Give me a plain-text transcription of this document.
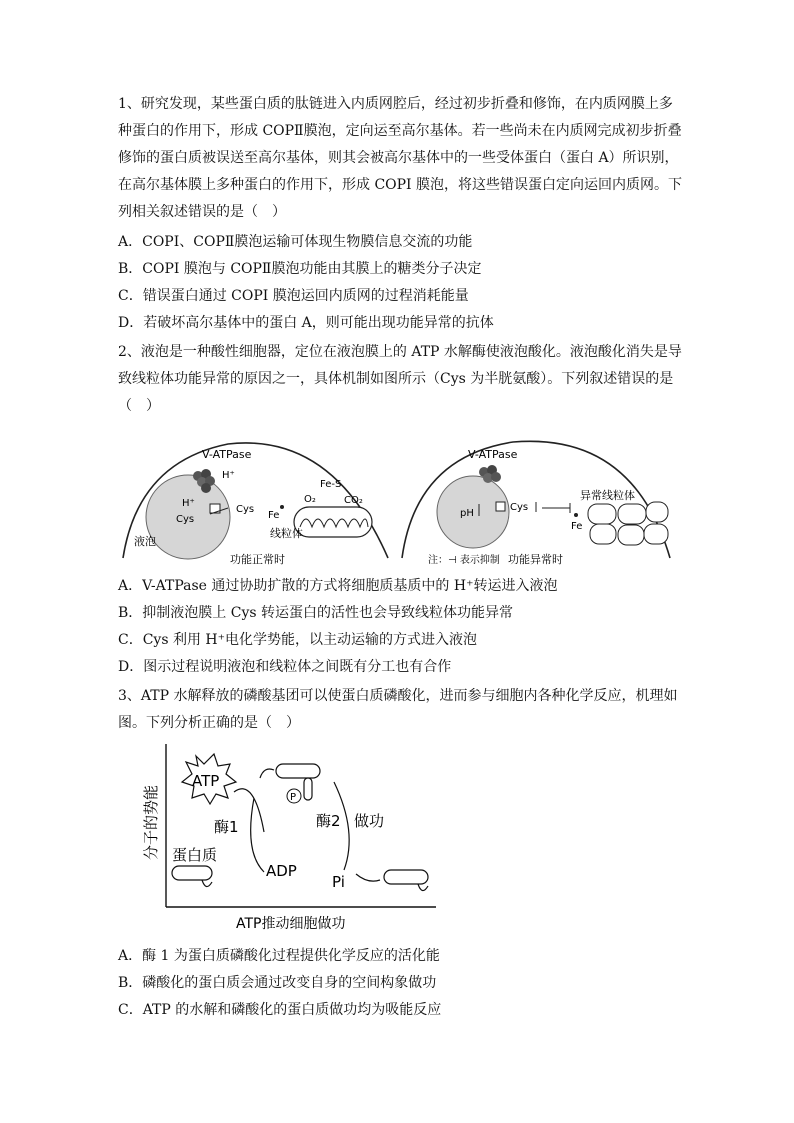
1、研究发现，某些蛋白质的肽链进入内质网腔后，经过初步折叠和修饰，在内质网膜上多种蛋白的作用下，形成 COPⅡ膜泡，定向运至高尔基体。若一些尚未在内质网完成初步折叠修饰的蛋白质被误送至高尔基体，则其会被高尔基体中的一些受体蛋白（蛋白 A）所识别，在高尔基体膜上多种蛋白的作用下，形成 COPI 膜泡，将这些错误蛋白定向运回内质网。下列相关叙述错误的是（　）
A．COPI、COPⅡ膜泡运输可体现生物膜信息交流的功能
B．COPI 膜泡与 COPⅡ膜泡功能由其膜上的糖类分子决定
C．错误蛋白通过 COPI 膜泡运回内质网的过程消耗能量
D．若破坏高尔基体中的蛋白 A，则可能出现功能异常的抗体
2、液泡是一种酸性细胞器，定位在液泡膜上的 ATP 水解酶使液泡酸化。液泡酸化消失是导致线粒体功能异常的原因之一，具体机制如图所示（Cys 为半胱氨酸）。下列叙述错误的是（　）
V-ATPase
H⁺
H⁺
Cys
Cys
液泡
Fe
Fe-S
O₂	CO₂
线粒体
功能正常时
V-ATPase
pH
Cys
Fe
异常线粒体
注：⊣ 表示抑制 功能异常时
A．V-ATPase 通过协助扩散的方式将细胞质基质中的 H⁺转运进入液泡
B．抑制液泡膜上 Cys 转运蛋白的活性也会导致线粒体功能异常
C．Cys 利用 H⁺电化学势能，以主动运输的方式进入液泡
D．图示过程说明液泡和线粒体之间既有分工也有合作
3、ATP 水解释放的磷酸基团可以使蛋白质磷酸化，进而参与细胞内各种化学反应，机理如图。下列分析正确的是（　）
分子的势能
ATP
酶1
蛋白质
ADP
P
酶2 做功
Pi
ATP推动细胞做功
A．酶 1 为蛋白质磷酸化过程提供化学反应的活化能
B．磷酸化的蛋白质会通过改变自身的空间构象做功
C．ATP 的水解和磷酸化的蛋白质做功均为吸能反应
